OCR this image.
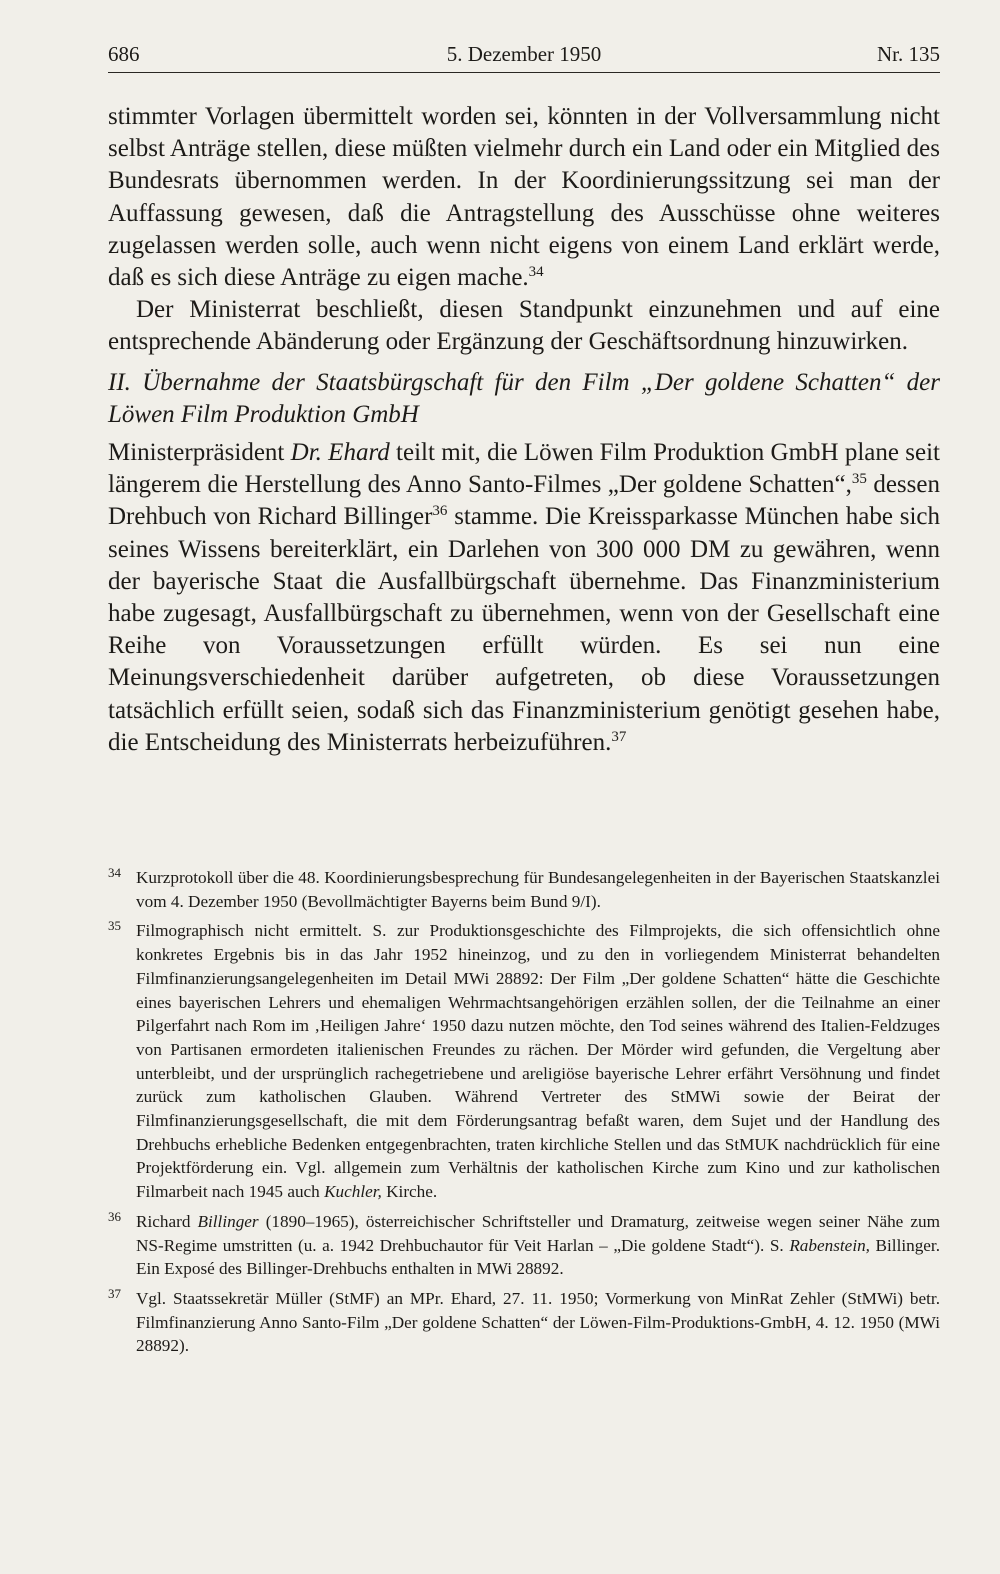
686	5. Dezember 1950	Nr. 135

stimmter Vorlagen übermittelt worden sei, könnten in der Vollversammlung nicht selbst Anträge stellen, diese müßten vielmehr durch ein Land oder ein Mitglied des Bundesrats übernommen werden. In der Koordinierungssitzung sei man der Auffassung gewesen, daß die Antragstellung des Ausschüsse ohne weiteres zugelassen werden solle, auch wenn nicht eigens von einem Land erklärt werde, daß es sich diese Anträge zu eigen mache.$^{34}$

Der Ministerrat beschließt, diesen Standpunkt einzunehmen und auf eine entsprechende Abänderung oder Ergänzung der Geschäftsordnung hinzuwirken.

II. Übernahme der Staatsbürgschaft für den Film „Der goldene Schatten“ der Löwen Film Produktion GmbH

Ministerpräsident Dr. Ehard teilt mit, die Löwen Film Produktion GmbH plane seit längerem die Herstellung des Anno Santo-Filmes „Der goldene Schatten“,$^{35}$ dessen Drehbuch von Richard Billinger$^{36}$ stamme. Die Kreissparkasse München habe sich seines Wissens bereiterklärt, ein Darlehen von 300 000 DM zu gewähren, wenn der bayerische Staat die Ausfallbürgschaft übernehme. Das Finanzministerium habe zugesagt, Ausfallbürgschaft zu übernehmen, wenn von der Gesellschaft eine Reihe von Voraussetzungen erfüllt würden. Es sei nun eine Meinungsverschiedenheit darüber aufgetreten, ob diese Voraussetzungen tatsächlich erfüllt seien, sodaß sich das Finanzministerium genötigt gesehen habe, die Entscheidung des Ministerrats herbeizuführen.$^{37}$

34 Kurzprotokoll über die 48. Koordinierungsbesprechung für Bundesangelegenheiten in der Bayerischen Staatskanzlei vom 4. Dezember 1950 (Bevollmächtigter Bayerns beim Bund 9/I).
35 Filmographisch nicht ermittelt. S. zur Produktionsgeschichte des Filmprojekts, die sich offensichtlich ohne konkretes Ergebnis bis in das Jahr 1952 hineinzog, und zu den in vorliegendem Ministerrat behandelten Filmfinanzierungsangelegenheiten im Detail MWi 28892: Der Film „Der goldene Schatten“ hätte die Geschichte eines bayerischen Lehrers und ehemaligen Wehrmachtsangehörigen erzählen sollen, der die Teilnahme an einer Pilgerfahrt nach Rom im ‚Heiligen Jahre‘ 1950 dazu nutzen möchte, den Tod seines während des Italien-Feldzuges von Partisanen ermordeten italienischen Freundes zu rächen. Der Mörder wird gefunden, die Vergeltung aber unterbleibt, und der ursprünglich rachegetriebene und areligiöse bayerische Lehrer erfährt Versöhnung und findet zurück zum katholischen Glauben. Während Vertreter des StMWi sowie der Beirat der Filmfinanzierungsgesellschaft, die mit dem Förderungsantrag befaßt waren, dem Sujet und der Handlung des Drehbuchs erhebliche Bedenken entgegenbrachten, traten kirchliche Stellen und das StMUK nachdrücklich für eine Projektförderung ein. Vgl. allgemein zum Verhältnis der katholischen Kirche zum Kino und zur katholischen Filmarbeit nach 1945 auch Kuchler, Kirche.
36 Richard Billinger (1890–1965), österreichischer Schriftsteller und Dramaturg, zeitweise wegen seiner Nähe zum NS-Regime umstritten (u. a. 1942 Drehbuchautor für Veit Harlan – „Die goldene Stadt“). S. Rabenstein, Billinger. Ein Exposé des Billinger-Drehbuchs enthalten in MWi 28892.
37 Vgl. Staatssekretär Müller (StMF) an MPr. Ehard, 27. 11. 1950; Vormerkung von MinRat Zehler (StMWi) betr. Filmfinanzierung Anno Santo-Film „Der goldene Schatten“ der Löwen-Film-Produktions-GmbH, 4. 12. 1950 (MWi 28892).
